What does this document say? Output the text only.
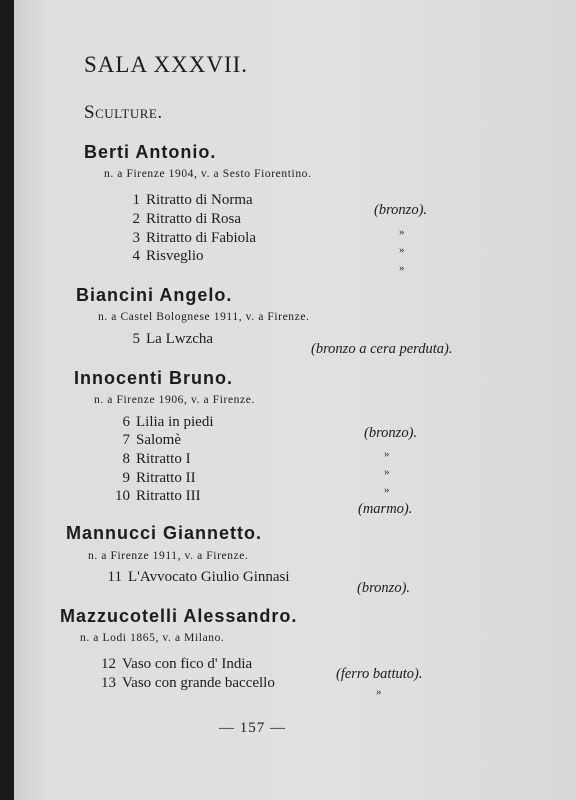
SALA XXXVII.
Sculture.
Berti Antonio.
n. a Firenze 1904, v. a Sesto Fiorentino.
1 Ritratto di Norma
2 Ritratto di Rosa
3 Ritratto di Fabiola
4 Risveglio
(bronzo).
»
»
»
Biancini Angelo.
n. a Castel Bolognese 1911, v. a Firenze.
5 La Lwzcha
(bronzo a cera perduta).
Innocenti Bruno.
n. a Firenze 1906, v. a Firenze.
6 Lilia in piedi
7 Salomè
8 Ritratto I
9 Ritratto II
10 Ritratto III
(bronzo).
»
»
»
(marmo).
Mannucci Giannetto.
n. a Firenze 1911, v. a Firenze.
11 L'Avvocato Giulio Ginnasi
(bronzo).
Mazzucotelli Alessandro.
n. a Lodi 1865, v. a Milano.
12 Vaso con fico d' India
13 Vaso con grande baccello
(ferro battuto).
»
— 157 —
